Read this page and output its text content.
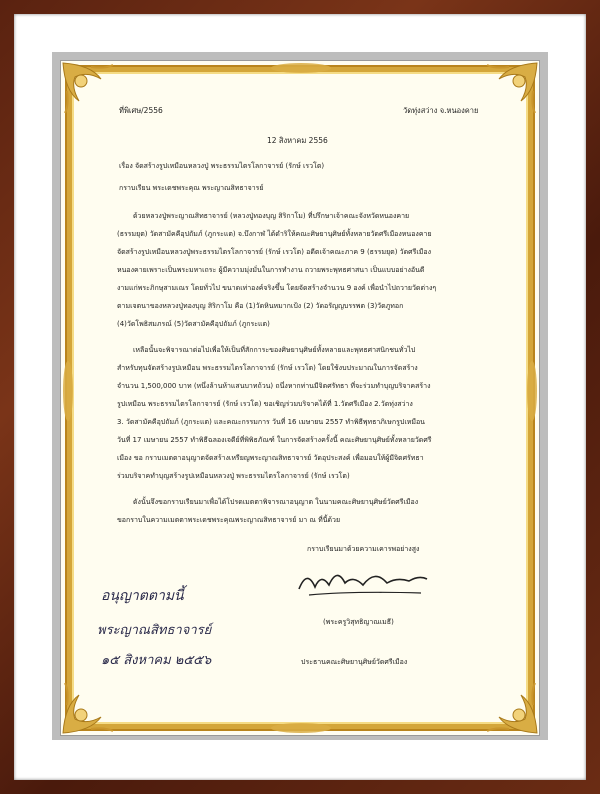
ที่พิเศษ/2556	วัดทุ่งสว่าง จ.หนองคาย
12 สิงหาคม 2556
เรื่อง จัดสร้างรูปเหมือนหลวงปู่ พระธรรมไตรโลกาจารย์ (รักษ์ เรวโต)
กราบเรียน พระเดชพระคุณ พระญาณสิทธาจารย์
ด้วยหลวงปู่พระญาณสิทธาจารย์ (หลวงปู่ทองบุญ สิริกาโม) ที่ปรึกษาเจ้าคณะจังหวัดหนองคาย
(ธรรมยุต) วัดสามัคคีอุปถัมภ์ (ภูกระแต) จ.บึงกาฬ ได้ดำริให้คณะศิษยานุศิษย์ทั้งหลายวัดศรีเมืองหนองคาย
จัดสร้างรูปเหมือนหลวงปู่พระธรรมไตรโลกาจารย์ (รักษ์ เรวโต) อดีตเจ้าคณะภาค 9 (ธรรมยุต) วัดศรีเมือง
หนองคายเพราะเป็นพระมหาเถระ ผู้มีความมุ่งมั่นในการทำงาน ถวายพระพุทธศาสนา เป็นแบบอย่างอันดี
งามแก่พระภิกษุสามเณร โดยทั่วไป ขนาดเท่าองค์จริงขึ้น โดยจัดสร้างจำนวน 9 องค์ เพื่อนำไปถวายวัดต่างๆ
ตามเจตนาของหลวงปู่ทองบุญ สิริกาโม คือ (1)วัดหินหมากเป้ง (2) วัดอรัญญบรรพต (3)วัดภูทอก
(4)วัดโพธิสมภรณ์ (5)วัดสามัคคีอุปถัมภ์ (ภูกระแต)
เหลือนั้นจะพิจารณาต่อไปเพื่อให้เป็นที่สักการะของศิษยานุศิษย์ทั้งหลายและพุทธศาสนิกชนทั่วไป
สำหรับทุนจัดสร้างรูปเหมือน พระธรรมไตรโลกาจารย์ (รักษ์ เรวโต) โดยใช้งบประมาณในการจัดสร้าง
จำนวน 1,500,000 บาท (หนึ่งล้านห้าแสนบาทถ้วน) ถนึ่งหากท่านมีจิตศรัทธา ที่จะร่วมทำบุญบริจาคสร้าง
รูปเหมือน พระธรรมไตรโลกาจารย์ (รักษ์ เรวโต) ขอเชิญร่วมบริจาคได้ที่ 1.วัดศรีเมือง 2.วัดทุ่งสว่าง
3. วัดสามัคคีอุปถัมภ์ (ภูกระแต) และคณะกรรมการ วันที่ 16 เมษายน 2557 ทำพิธีพุทธาภิเษกรูปเหมือน
วันที่ 17 เมษายน 2557 ทำพิธีฉลองเจดีย์ที่พิพิธภัณฑ์ ในการจัดสร้างครั้งนี้ คณะศิษยานุศิษย์ทั้งหลายวัดศรี
เมือง ขอ กราบเมตตาอนุญาตจัดสร้างเหรียญพระญาณสิทธาจารย์ วัดอุประสงค์ เพื่อมอบให้ผู้มีจิตศรัทธา
ร่วมบริจาคทำบุญสร้างรูปเหมือนหลวงปู่ พระธรรมไตรโลกาจารย์ (รักษ์ เรวโต)
ดังนั้นจึงขอกราบเรียนมาเพื่อได้โปรดเมตตาพิจารณาอนุญาต ในนามคณะศิษยานุศิษย์วัดศรีเมือง
ขอกราบในความเมตตาพระเดชพระคุณพระญาณสิทธาจารย์ มา ณ ที่นี้ด้วย
กราบเรียนมาด้วยความเคารพอย่างสูง
(พระครูวิสุทธิญาณเมธี)
ประธานคณะศิษยานุศิษย์วัดศรีเมือง
อนุญาตตามนี้
พระญาณสิทธาจารย์
๑๕ สิงหาคม ๒๕๕๖
